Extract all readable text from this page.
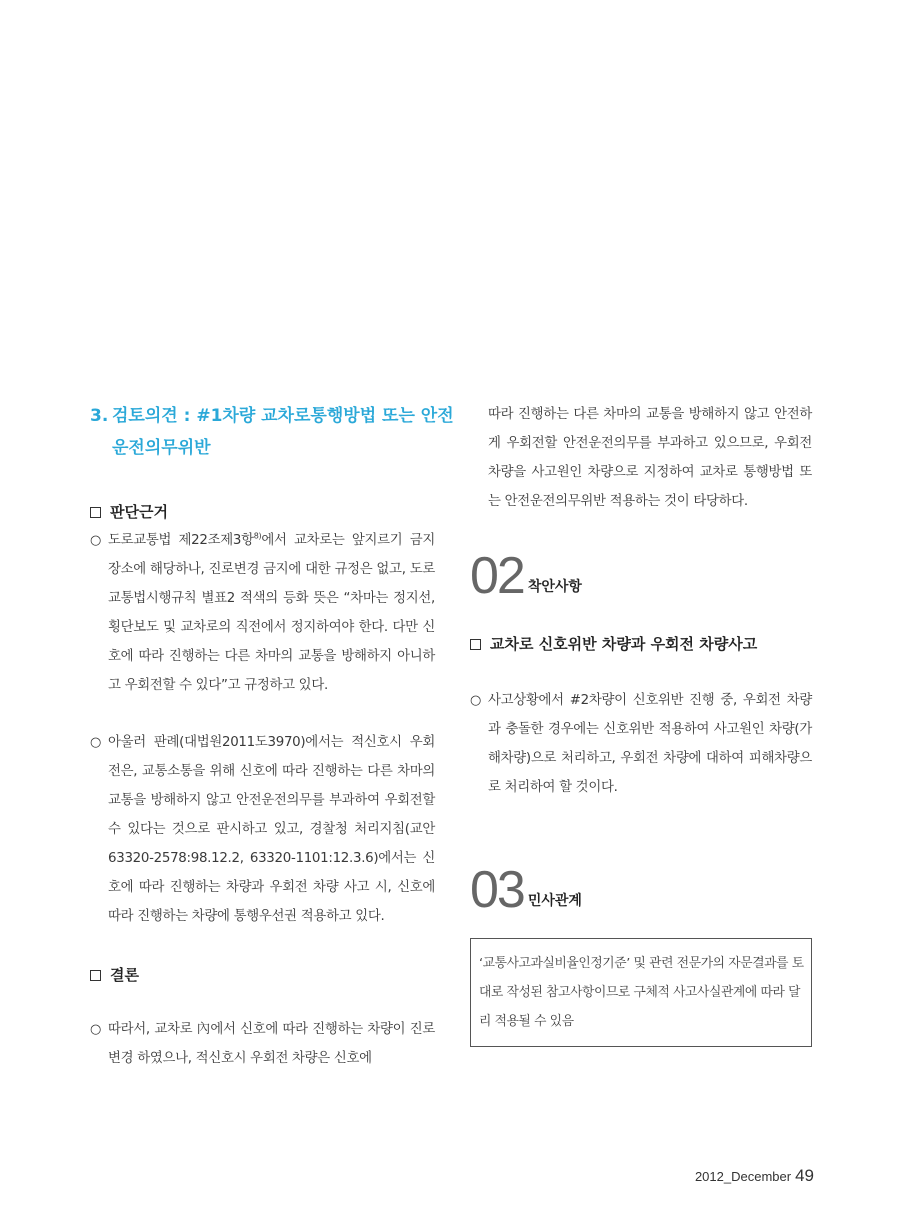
3. 검토의견 : #1차량 교차로통행방법 또는 안전
운전의무위반
판단근거

○ 도로교통법 제22조제3항$^{8)}$에서 교차로는 앞지르기 금지 장소에 해당하나, 진로변경 금지에 대한 규정은 없고, 도로교통법시행규칙 별표2 적색의 등화 뜻은 “차마는 정지선, 횡단보도 및 교차로의 직전에서 정지하여야 한다. 다만 신호에 따라 진행하는 다른 차마의 교통을 방해하지 아니하고 우회전할 수 있다”고 규정하고 있다.

○ 아울러 판례(대법원2011도3970)에서는 적신호시 우회전은, 교통소통을 위해 신호에 따라 진행하는 다른 차마의 교통을 방해하지 않고 안전운전의무를 부과하여 우회전할 수 있다는 것으로 판시하고 있고, 경찰청 처리지침(교안63320-2578:98.12.2, 63320-1101:12.3.6)에서는 신호에 따라 진행하는 차량과 우회전 차량 사고 시, 신호에 따라 진행하는 차량에 통행우선권 적용하고 있다.

결론

○ 따라서, 교차로 內에서 신호에 따라 진행하는 차량이 진로변경 하였으나, 적신호시 우회전 차량은 신호에

따라 진행하는 다른 차마의 교통을 방해하지 않고 안전하게 우회전할 안전운전의무를 부과하고 있으므로, 우회전 차량을 사고원인 차량으로 지정하여 교차로 통행방법 또는 안전운전의무위반 적용하는 것이 타당하다.

02 착안사항
교차로 신호위반 차량과 우회전 차량사고

○ 사고상황에서 #2차량이 신호위반 진행 중, 우회전 차량과 충돌한 경우에는 신호위반 적용하여 사고원인 차량(가해차량)으로 처리하고, 우회전 차량에 대하여 피해차량으로 처리하여 할 것이다.

03 민사관계
‘교통사고과실비율인정기준’ 및 관련 전문가의 자문결과를 토대로 작성된 참고사항이므로 구체적 사고사실관계에 따라 달리 적용될 수 있음
2012_December 49
